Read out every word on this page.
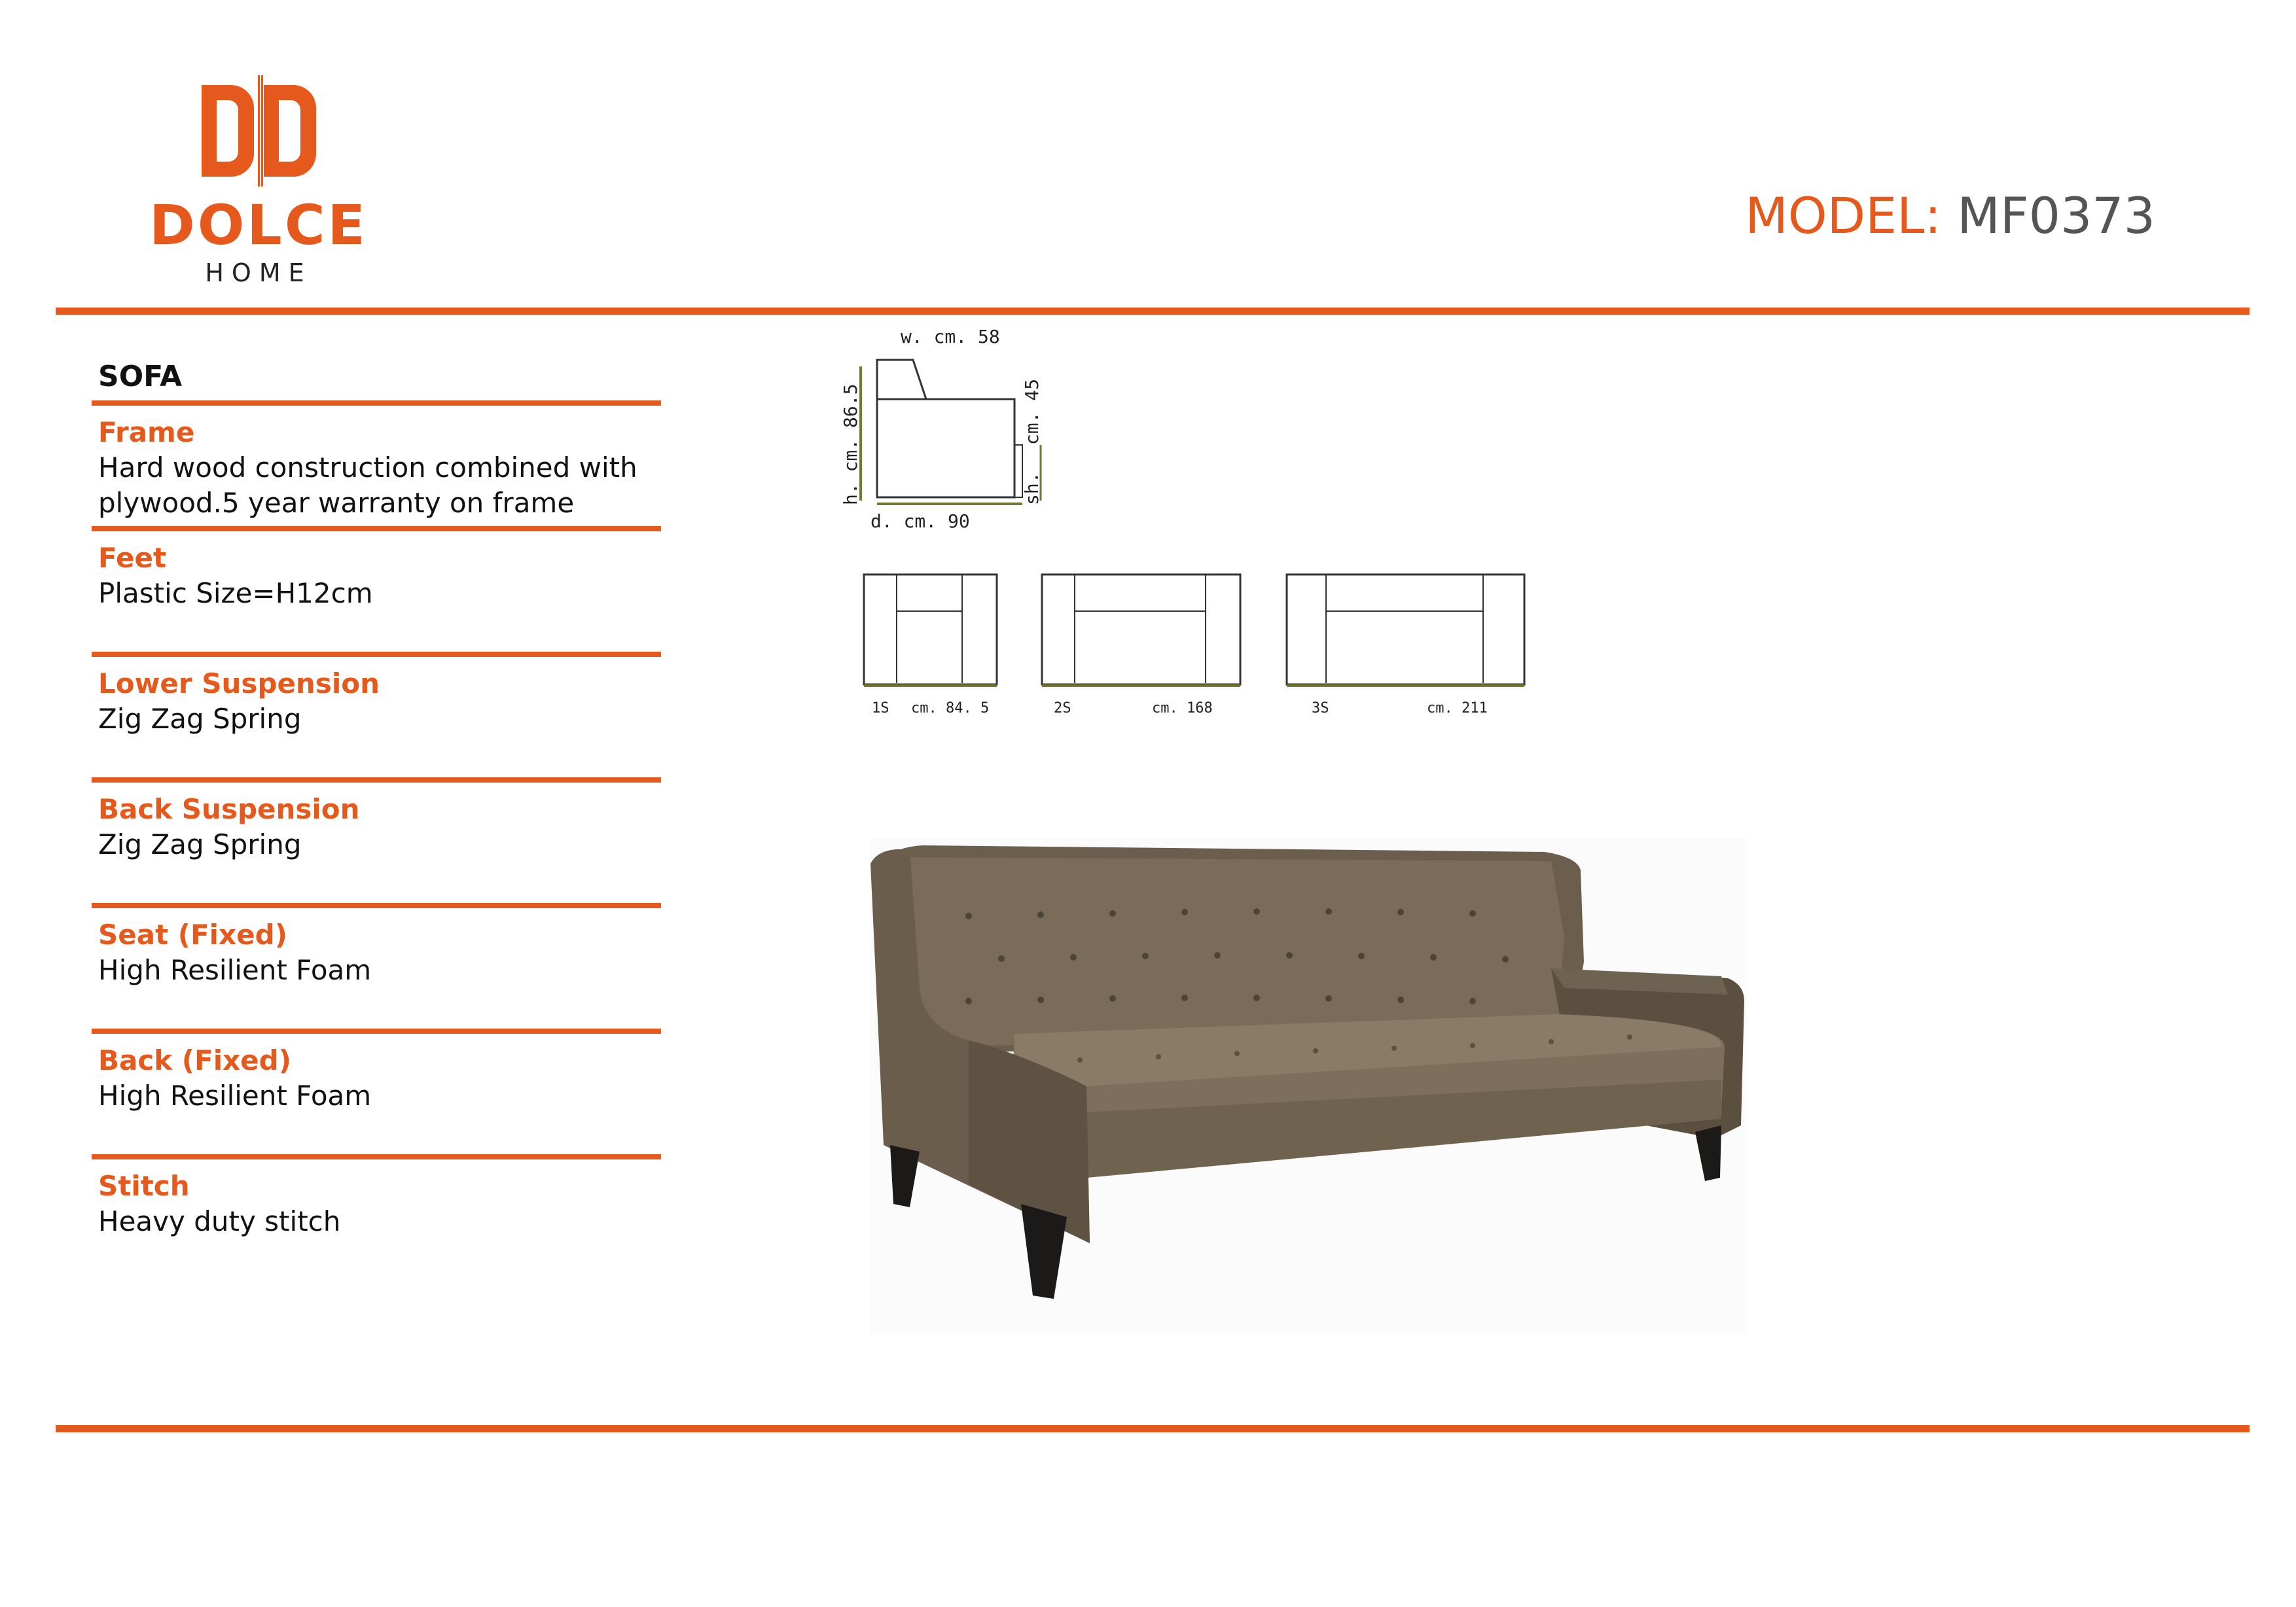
DOLCE
HOME
MODEL: MF0373
SOFA
Frame
Hard wood construction combined with plywood.5 year warranty on frame
Feet
Plastic Size=H12cm
Lower Suspension
Zig Zag Spring
Back Suspension
Zig Zag Spring
Seat (Fixed)
High Resilient Foam
Back (Fixed)
High Resilient Foam
Stitch
Heavy duty stitch
w. cm. 58
h. cm. 86.5	cm. 45
sh.
d. cm. 90
1S cm. 84. 5	2S	cm. 168	3S	cm. 211
